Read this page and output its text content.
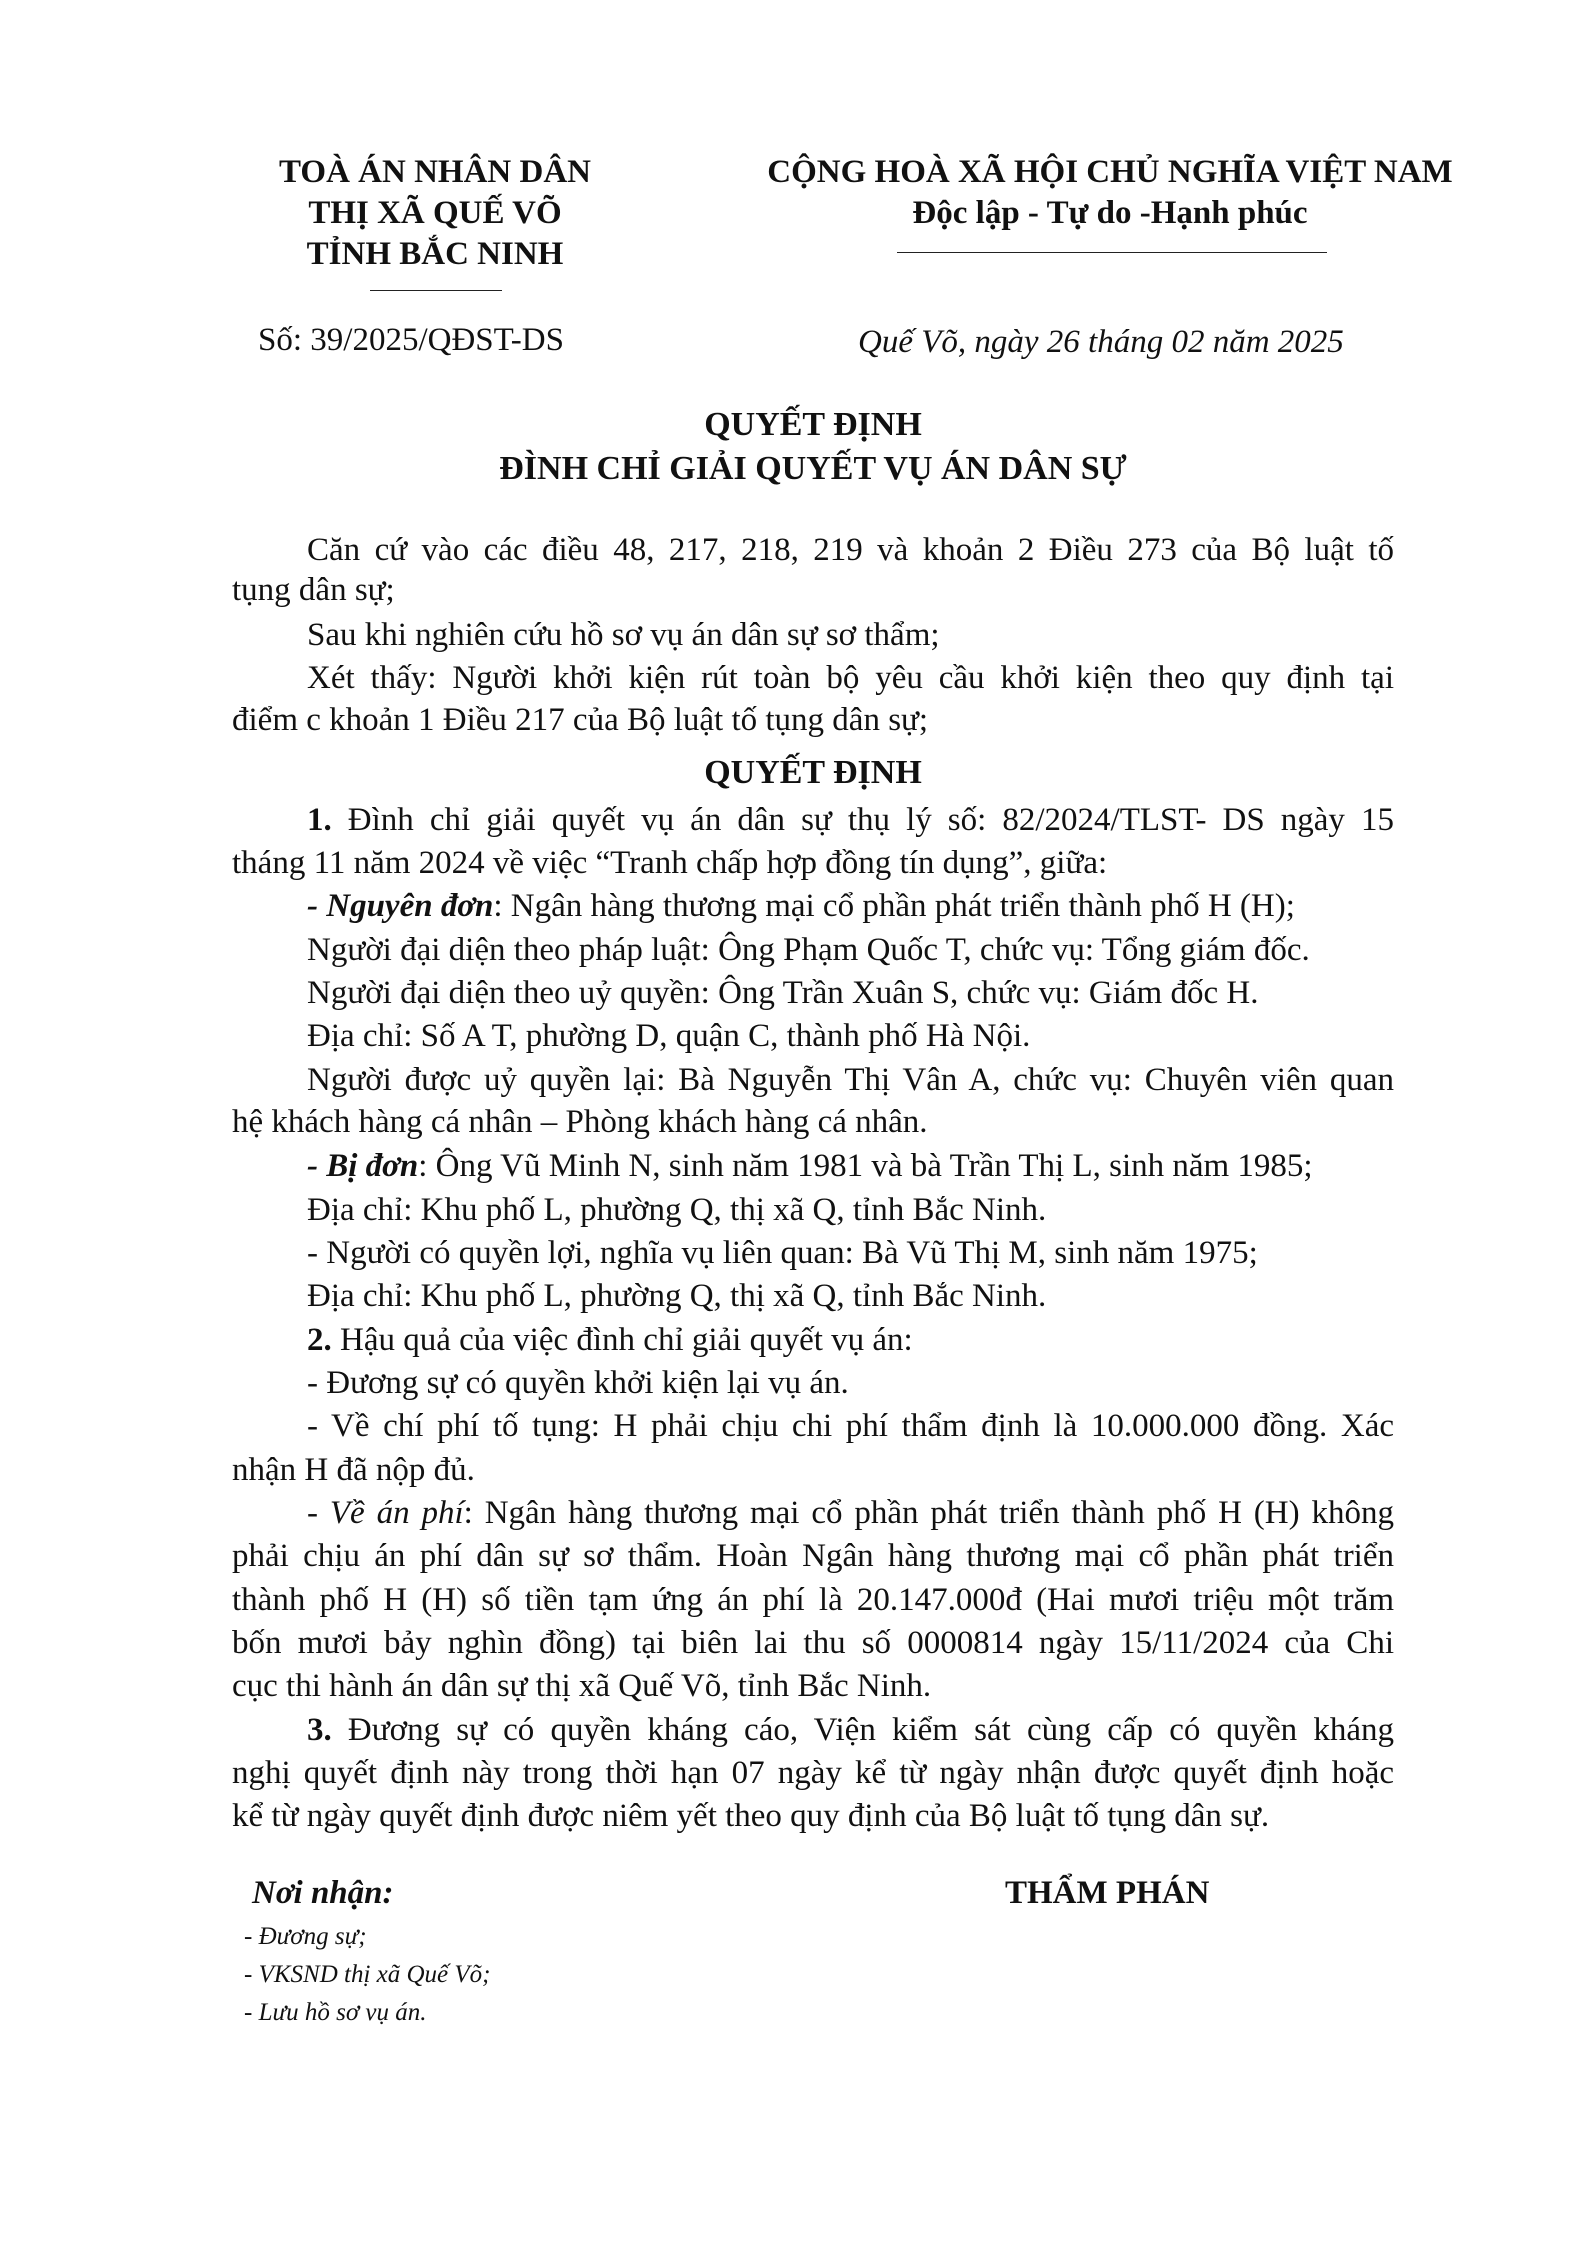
TOÀ ÁN NHÂN DÂN
THỊ XÃ QUẾ VÕ
TỈNH BẮC NINH
CỘNG HOÀ XÃ HỘI CHỦ NGHĨA VIỆT NAM
Độc lập - Tự do -Hạnh phúc
Số: 39/2025/QĐST-DS	Quế Võ, ngày 26 tháng 02 năm 2025
QUYẾT ĐỊNH
ĐÌNH CHỈ GIẢI QUYẾT VỤ ÁN DÂN SỰ
Căn cứ vào các điều 48, 217, 218, 219 và khoản 2 Điều 273 của Bộ luật tố
tụng dân sự;
Sau khi nghiên cứu hồ sơ vụ án dân sự sơ thẩm;
Xét thấy: Người khởi kiện rút toàn bộ yêu cầu khởi kiện theo quy định tại
điểm c khoản 1 Điều 217 của Bộ luật tố tụng dân sự;
QUYẾT ĐỊNH
1. Đình chỉ giải quyết vụ án dân sự thụ lý số: 82/2024/TLST- DS ngày 15
tháng 11 năm 2024 về việc “Tranh chấp hợp đồng tín dụng”, giữa:
- Nguyên đơn: Ngân hàng thương mại cổ phần phát triển thành phố H (H);
Người đại diện theo pháp luật: Ông Phạm Quốc T, chức vụ: Tổng giám đốc.
Người đại diện theo uỷ quyền: Ông Trần Xuân S, chức vụ: Giám đốc H.
Địa chỉ: Số A T, phường D, quận C, thành phố Hà Nội.
Người được uỷ quyền lại: Bà Nguyễn Thị Vân A, chức vụ: Chuyên viên quan
hệ khách hàng cá nhân – Phòng khách hàng cá nhân.
- Bị đơn: Ông Vũ Minh N, sinh năm 1981 và bà Trần Thị L, sinh năm 1985;
Địa chỉ: Khu phố L, phường Q, thị xã Q, tỉnh Bắc Ninh.
- Người có quyền lợi, nghĩa vụ liên quan: Bà Vũ Thị M, sinh năm 1975;
Địa chỉ: Khu phố L, phường Q, thị xã Q, tỉnh Bắc Ninh.
2. Hậu quả của việc đình chỉ giải quyết vụ án:
- Đương sự có quyền khởi kiện lại vụ án.
- Về chí phí tố tụng: H phải chịu chi phí thẩm định là 10.000.000 đồng. Xác
nhận H đã nộp đủ.
- Về án phí: Ngân hàng thương mại cổ phần phát triển thành phố H (H) không
phải chịu án phí dân sự sơ thẩm. Hoàn Ngân hàng thương mại cổ phần phát triển
thành phố H (H) số tiền tạm ứng án phí là 20.147.000đ (Hai mươi triệu một trăm
bốn mươi bảy nghìn đồng) tại biên lai thu số 0000814 ngày 15/11/2024 của Chi
cục thi hành án dân sự thị xã Quế Võ, tỉnh Bắc Ninh.
3. Đương sự có quyền kháng cáo, Viện kiểm sát cùng cấp có quyền kháng
nghị quyết định này trong thời hạn 07 ngày kể từ ngày nhận được quyết định hoặc
kể từ ngày quyết định được niêm yết theo quy định của Bộ luật tố tụng dân sự.
Nơi nhận:
- Đương sự;
- VKSND thị xã Quế Võ;
- Lưu hồ sơ vụ án.
THẨM PHÁN
